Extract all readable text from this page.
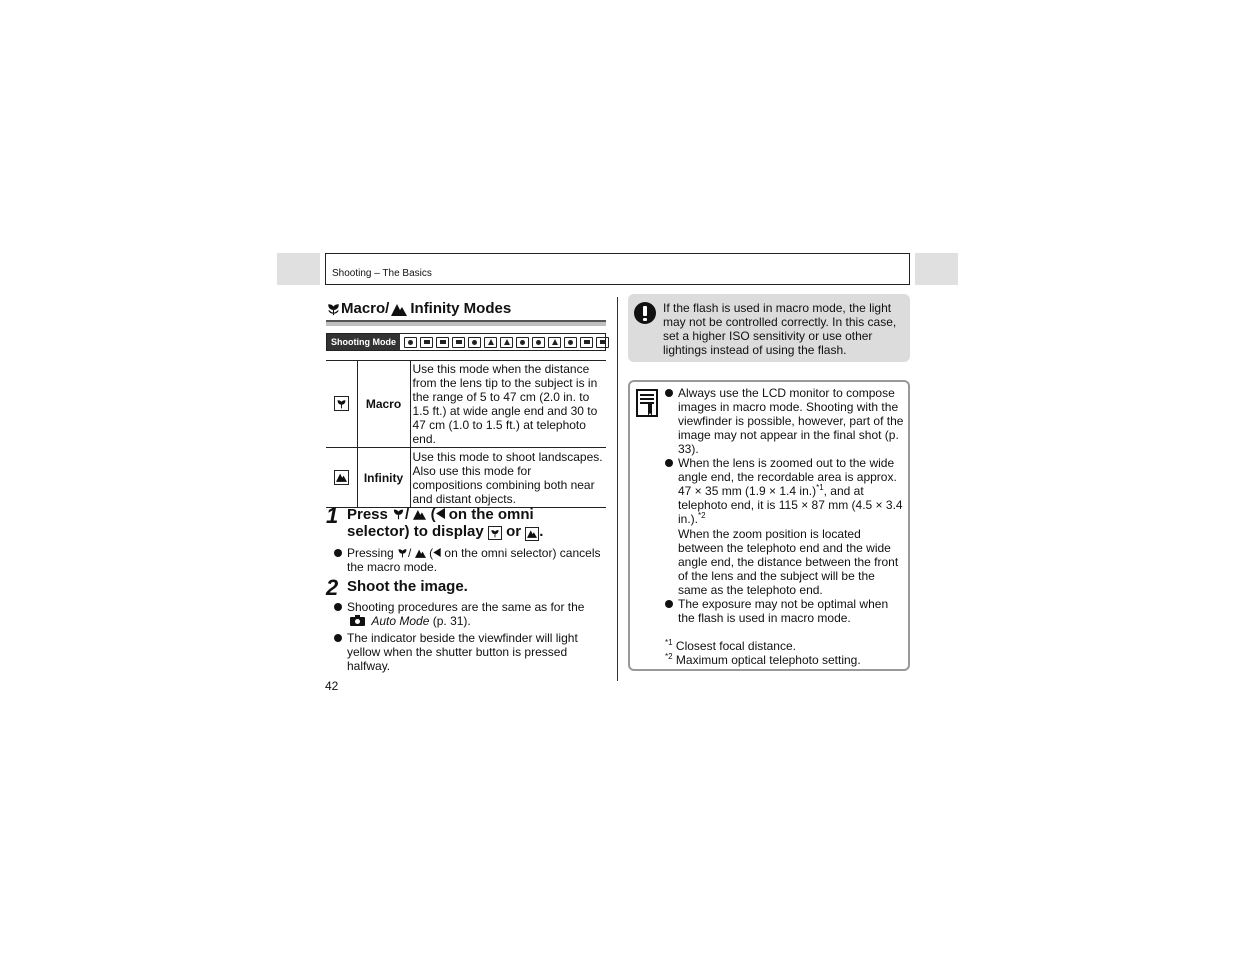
Shooting – The Basics
Macro/ Infinity Modes
Shooting Mode
	Macro	Use this mode when the distance from the lens tip to the subject is in the range of 5 to 47 cm (2.0 in. to 1.5 ft.) at wide angle end and 30 to 47 cm (1.0 to 1.5 ft.) at telephoto end.

	Infinity	Use this mode to shoot landscapes. Also use this mode for compositions combining both near and distant objects.
1 Press / ( on the omni selector) to display or .
Pressing / ( on the omni selector) cancels the macro mode.
2 Shoot the image.
Shooting procedures are the same as for the  Auto Mode (p. 31).
The indicator beside the viewfinder will light yellow when the shutter button is pressed halfway.
42
If the flash is used in macro mode, the light may not be controlled correctly. In this case, set a higher ISO sensitivity or use other lightings instead of using the flash.
Always use the LCD monitor to compose images in macro mode. Shooting with the viewfinder is possible, however, part of the image may not appear in the final shot (p. 33).
When the lens is zoomed out to the wide angle end, the recordable area is approx. 47 × 35 mm (1.9 × 1.4 in.)$^{*1}$, and at telephoto end, it is 115 × 87 mm (4.5 × 3.4 in.).$^{*2}$
When the zoom position is located between the telephoto end and the wide angle end, the distance between the front of the lens and the subject will be the same as the telephoto end.
The exposure may not be optimal when the flash is used in macro mode.
$^{*1}$ Closest focal distance.
$^{*2}$ Maximum optical telephoto setting.
